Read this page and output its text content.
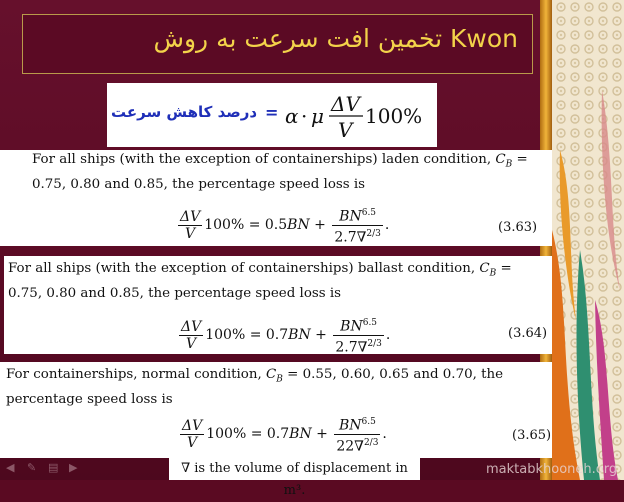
تخمین افت سرعت به روش Kwon
درصد کاهش سرعت = α · μ ΔV
V
100%
For all ships (with the exception of containerships) laden condition, $C_B = 0.75$, 0.80 and 0.85, the percentage speed loss is
$\frac{\Delta V}{V} 100\% = 0.5BN + \frac{BN^{6.5}}{2.7\nabla^{2/3}}$ .	(3.63)
For all ships (with the exception of containerships) ballast condition, $C_B = 0.75$, 0.80 and 0.85, the percentage speed loss is
$\frac{\Delta V}{V} 100\% = 0.7BN + \frac{BN^{6.5}}{2.7\nabla^{2/3}}$ .	(3.64)
For containerships, normal condition, $C_B = 0.55$, 0.60, 0.65 and 0.70, the percentage speed loss is
$\frac{\Delta V}{V} 100\% = 0.7BN + \frac{BN^{6.5}}{22\nabla^{2/3}}$ .	(3.65)
∇ is the volume of displacement in m³.
◀	✎	▤ ▶	maktabkhooneh.org
